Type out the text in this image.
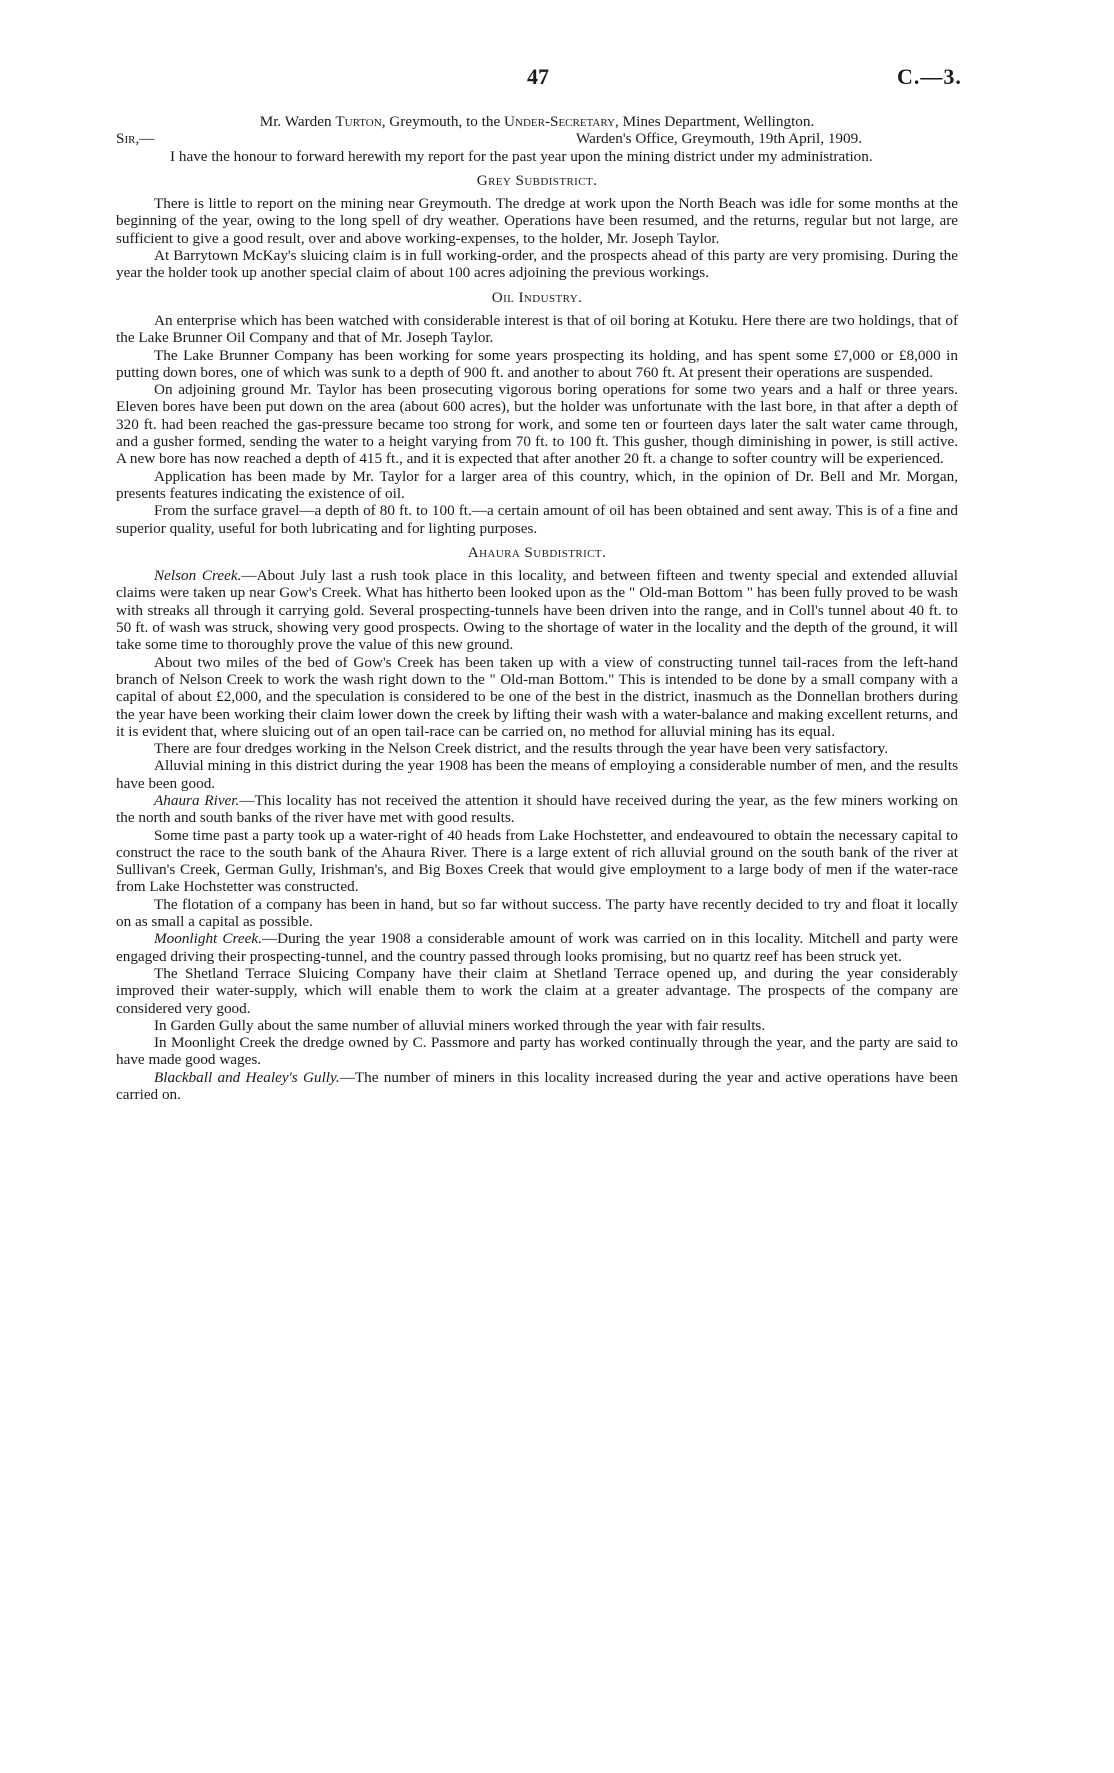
47	C.—3.

Mr. Warden Turton, Greymouth, to the Under-Secretary, Mines Department, Wellington.

Sir,—	Warden's Office, Greymouth, 19th April, 1909.

I have the honour to forward herewith my report for the past year upon the mining district under my administration.

Grey Subdistrict.

There is little to report on the mining near Greymouth. The dredge at work upon the North Beach was idle for some months at the beginning of the year, owing to the long spell of dry weather. Operations have been resumed, and the returns, regular but not large, are sufficient to give a good result, over and above working-expenses, to the holder, Mr. Joseph Taylor.

At Barrytown McKay's sluicing claim is in full working-order, and the prospects ahead of this party are very promising. During the year the holder took up another special claim of about 100 acres adjoining the previous workings.

Oil Industry.

An enterprise which has been watched with considerable interest is that of oil boring at Kotuku. Here there are two holdings, that of the Lake Brunner Oil Company and that of Mr. Joseph Taylor.

The Lake Brunner Company has been working for some years prospecting its holding, and has spent some £7,000 or £8,000 in putting down bores, one of which was sunk to a depth of 900 ft. and another to about 760 ft. At present their operations are suspended.

On adjoining ground Mr. Taylor has been prosecuting vigorous boring operations for some two years and a half or three years. Eleven bores have been put down on the area (about 600 acres), but the holder was unfortunate with the last bore, in that after a depth of 320 ft. had been reached the gas-pressure became too strong for work, and some ten or fourteen days later the salt water came through, and a gusher formed, sending the water to a height varying from 70 ft. to 100 ft. This gusher, though diminishing in power, is still active. A new bore has now reached a depth of 415 ft., and it is expected that after another 20 ft. a change to softer country will be experienced.

Application has been made by Mr. Taylor for a larger area of this country, which, in the opinion of Dr. Bell and Mr. Morgan, presents features indicating the existence of oil.

From the surface gravel—a depth of 80 ft. to 100 ft.—a certain amount of oil has been obtained and sent away. This is of a fine and superior quality, useful for both lubricating and for lighting purposes.

Ahaura Subdistrict.

Nelson Creek.—About July last a rush took place in this locality, and between fifteen and twenty special and extended alluvial claims were taken up near Gow's Creek. What has hitherto been looked upon as the " Old-man Bottom " has been fully proved to be wash with streaks all through it carrying gold. Several prospecting-tunnels have been driven into the range, and in Coll's tunnel about 40 ft. to 50 ft. of wash was struck, showing very good prospects. Owing to the shortage of water in the locality and the depth of the ground, it will take some time to thoroughly prove the value of this new ground.

About two miles of the bed of Gow's Creek has been taken up with a view of constructing tunnel tail-races from the left-hand branch of Nelson Creek to work the wash right down to the " Old-man Bottom." This is intended to be done by a small company with a capital of about £2,000, and the speculation is considered to be one of the best in the district, inasmuch as the Donnellan brothers during the year have been working their claim lower down the creek by lifting their wash with a water-balance and making excellent returns, and it is evident that, where sluicing out of an open tail-race can be carried on, no method for alluvial mining has its equal.

There are four dredges working in the Nelson Creek district, and the results through the year have been very satisfactory.

Alluvial mining in this district during the year 1908 has been the means of employing a considerable number of men, and the results have been good.

Ahaura River.—This locality has not received the attention it should have received during the year, as the few miners working on the north and south banks of the river have met with good results.

Some time past a party took up a water-right of 40 heads from Lake Hochstetter, and endeavoured to obtain the necessary capital to construct the race to the south bank of the Ahaura River. There is a large extent of rich alluvial ground on the south bank of the river at Sullivan's Creek, German Gully, Irishman's, and Big Boxes Creek that would give employment to a large body of men if the water-race from Lake Hochstetter was constructed.

The flotation of a company has been in hand, but so far without success. The party have recently decided to try and float it locally on as small a capital as possible.

Moonlight Creek.—During the year 1908 a considerable amount of work was carried on in this locality. Mitchell and party were engaged driving their prospecting-tunnel, and the country passed through looks promising, but no quartz reef has been struck yet.

The Shetland Terrace Sluicing Company have their claim at Shetland Terrace opened up, and during the year considerably improved their water-supply, which will enable them to work the claim at a greater advantage. The prospects of the company are considered very good.

In Garden Gully about the same number of alluvial miners worked through the year with fair results.

In Moonlight Creek the dredge owned by C. Passmore and party has worked continually through the year, and the party are said to have made good wages.

Blackball and Healey's Gully.—The number of miners in this locality increased during the year and active operations have been carried on.
